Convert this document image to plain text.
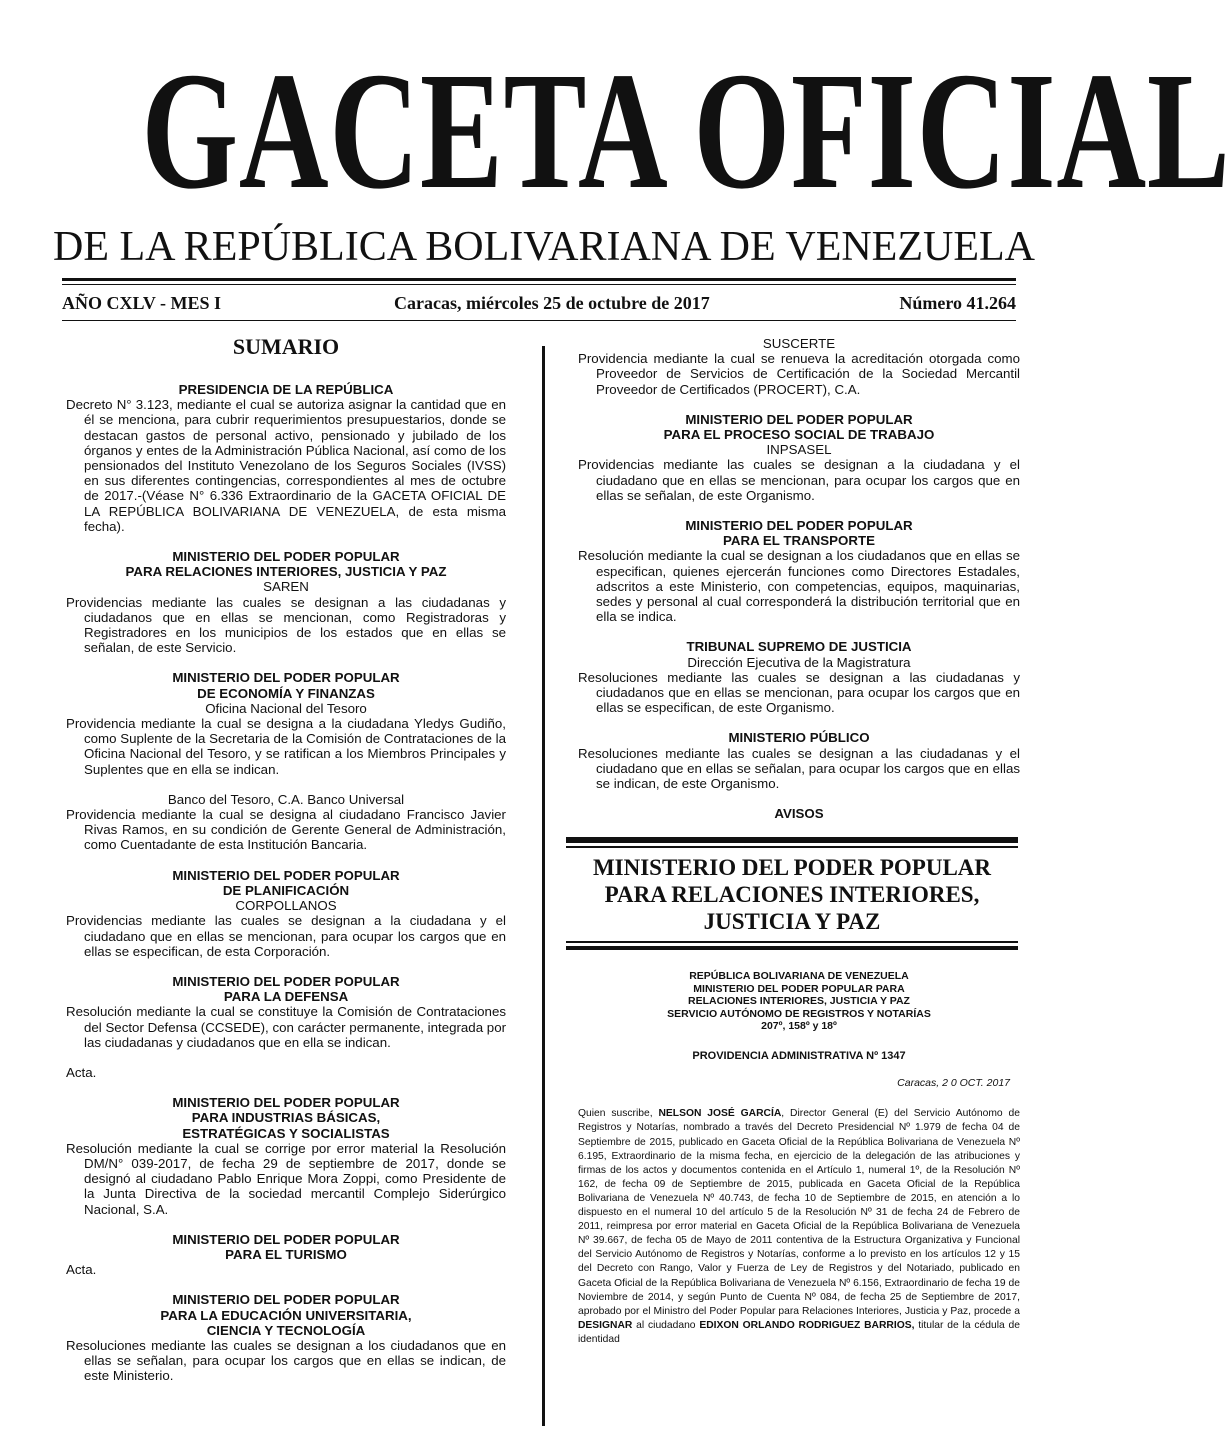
GACETA OFICIAL
DE LA REPÚBLICA BOLIVARIANA DE VENEZUELA
AÑO CXLV - MES I	Caracas, miércoles 25 de octubre de 2017	Número 41.264
SUMARIO
PRESIDENCIA DE LA REPÚBLICA
Decreto N° 3.123, mediante el cual se autoriza asignar la cantidad que en él se menciona, para cubrir requerimientos presupuestarios, donde se destacan gastos de personal activo, pensionado y jubilado de los órganos y entes de la Administración Pública Nacional, así como de los pensionados del Instituto Venezolano de los Seguros Sociales (IVSS) en sus diferentes contingencias, correspondientes al mes de octubre de 2017.-(Véase N° 6.336 Extraordinario de la GACETA OFICIAL DE LA REPÚBLICA BOLIVARIANA DE VENEZUELA, de esta misma fecha).
MINISTERIO DEL PODER POPULAR
PARA RELACIONES INTERIORES, JUSTICIA Y PAZ
SAREN
Providencias mediante las cuales se designan a las ciudadanas y ciudadanos que en ellas se mencionan, como Registradoras y Registradores en los municipios de los estados que en ellas se señalan, de este Servicio.
MINISTERIO DEL PODER POPULAR
DE ECONOMÍA Y FINANZAS
Oficina Nacional del Tesoro
Providencia mediante la cual se designa a la ciudadana Yledys Gudiño, como Suplente de la Secretaria de la Comisión de Contrataciones de la Oficina Nacional del Tesoro, y se ratifican a los Miembros Principales y Suplentes que en ella se indican.
Banco del Tesoro, C.A. Banco Universal
Providencia mediante la cual se designa al ciudadano Francisco Javier Rivas Ramos, en su condición de Gerente General de Administración, como Cuentadante de esta Institución Bancaria.
MINISTERIO DEL PODER POPULAR
DE PLANIFICACIÓN
CORPOLLANOS
Providencias mediante las cuales se designan a la ciudadana y el ciudadano que en ellas se mencionan, para ocupar los cargos que en ellas se especifican, de esta Corporación.
MINISTERIO DEL PODER POPULAR
PARA LA DEFENSA
Resolución mediante la cual se constituye la Comisión de Contrataciones del Sector Defensa (CCSEDE), con carácter permanente, integrada por las ciudadanas y ciudadanos que en ella se indican.
Acta.
MINISTERIO DEL PODER POPULAR
PARA INDUSTRIAS BÁSICAS,
ESTRATÉGICAS Y SOCIALISTAS
Resolución mediante la cual se corrige por error material la Resolución DM/N° 039-2017, de fecha 29 de septiembre de 2017, donde se designó al ciudadano Pablo Enrique Mora Zoppi, como Presidente de la Junta Directiva de la sociedad mercantil Complejo Siderúrgico Nacional, S.A.
MINISTERIO DEL PODER POPULAR
PARA EL TURISMO
Acta.
MINISTERIO DEL PODER POPULAR
PARA LA EDUCACIÓN UNIVERSITARIA,
CIENCIA Y TECNOLOGÍA
Resoluciones mediante las cuales se designan a los ciudadanos que en ellas se señalan, para ocupar los cargos que en ellas se indican, de este Ministerio.
SUSCERTE
Providencia mediante la cual se renueva la acreditación otorgada como Proveedor de Servicios de Certificación de la Sociedad Mercantil Proveedor de Certificados (PROCERT), C.A.
MINISTERIO DEL PODER POPULAR
PARA EL PROCESO SOCIAL DE TRABAJO
INPSASEL
Providencias mediante las cuales se designan a la ciudadana y el ciudadano que en ellas se mencionan, para ocupar los cargos que en ellas se señalan, de este Organismo.
MINISTERIO DEL PODER POPULAR
PARA EL TRANSPORTE
Resolución mediante la cual se designan a los ciudadanos que en ellas se especifican, quienes ejercerán funciones como Directores Estadales, adscritos a este Ministerio, con competencias, equipos, maquinarias, sedes y personal al cual corresponderá la distribución territorial que en ella se indica.
TRIBUNAL SUPREMO DE JUSTICIA
Dirección Ejecutiva de la Magistratura
Resoluciones mediante las cuales se designan a las ciudadanas y ciudadanos que en ellas se mencionan, para ocupar los cargos que en ellas se especifican, de este Organismo.
MINISTERIO PÚBLICO
Resoluciones mediante las cuales se designan a las ciudadanas y el ciudadano que en ellas se señalan, para ocupar los cargos que en ellas se indican, de este Organismo.
AVISOS
MINISTERIO DEL PODER POPULAR
PARA RELACIONES INTERIORES,
JUSTICIA Y PAZ
REPÚBLICA BOLIVARIANA DE VENEZUELA
MINISTERIO DEL PODER POPULAR PARA
RELACIONES INTERIORES, JUSTICIA Y PAZ
SERVICIO AUTÓNOMO DE REGISTROS Y NOTARÍAS
207º, 158º y 18º
PROVIDENCIA ADMINISTRATIVA Nº 1347
Caracas, 2 0 OCT. 2017
Quien suscribe, NELSON JOSÉ GARCÍA, Director General (E) del Servicio Autónomo de Registros y Notarías, nombrado a través del Decreto Presidencial Nº 1.979 de fecha 04 de Septiembre de 2015, publicado en Gaceta Oficial de la República Bolivariana de Venezuela Nº 6.195, Extraordinario de la misma fecha, en ejercicio de la delegación de las atribuciones y firmas de los actos y documentos contenida en el Artículo 1, numeral 1º, de la Resolución Nº 162, de fecha 09 de Septiembre de 2015, publicada en Gaceta Oficial de la República Bolivariana de Venezuela Nº 40.743, de fecha 10 de Septiembre de 2015, en atención a lo dispuesto en el numeral 10 del artículo 5 de la Resolución Nº 31 de fecha 24 de Febrero de 2011, reimpresa por error material en Gaceta Oficial de la República Bolivariana de Venezuela Nº 39.667, de fecha 05 de Mayo de 2011 contentiva de la Estructura Organizativa y Funcional del Servicio Autónomo de Registros y Notarías, conforme a lo previsto en los artículos 12 y 15 del Decreto con Rango, Valor y Fuerza de Ley de Registros y del Notariado, publicado en Gaceta Oficial de la República Bolivariana de Venezuela Nº 6.156, Extraordinario de fecha 19 de Noviembre de 2014, y según Punto de Cuenta Nº 084, de fecha 25 de Septiembre de 2017, aprobado por el Ministro del Poder Popular para Relaciones Interiores, Justicia y Paz, procede a DESIGNAR al ciudadano EDIXON ORLANDO RODRIGUEZ BARRIOS, titular de la cédula de identidad
